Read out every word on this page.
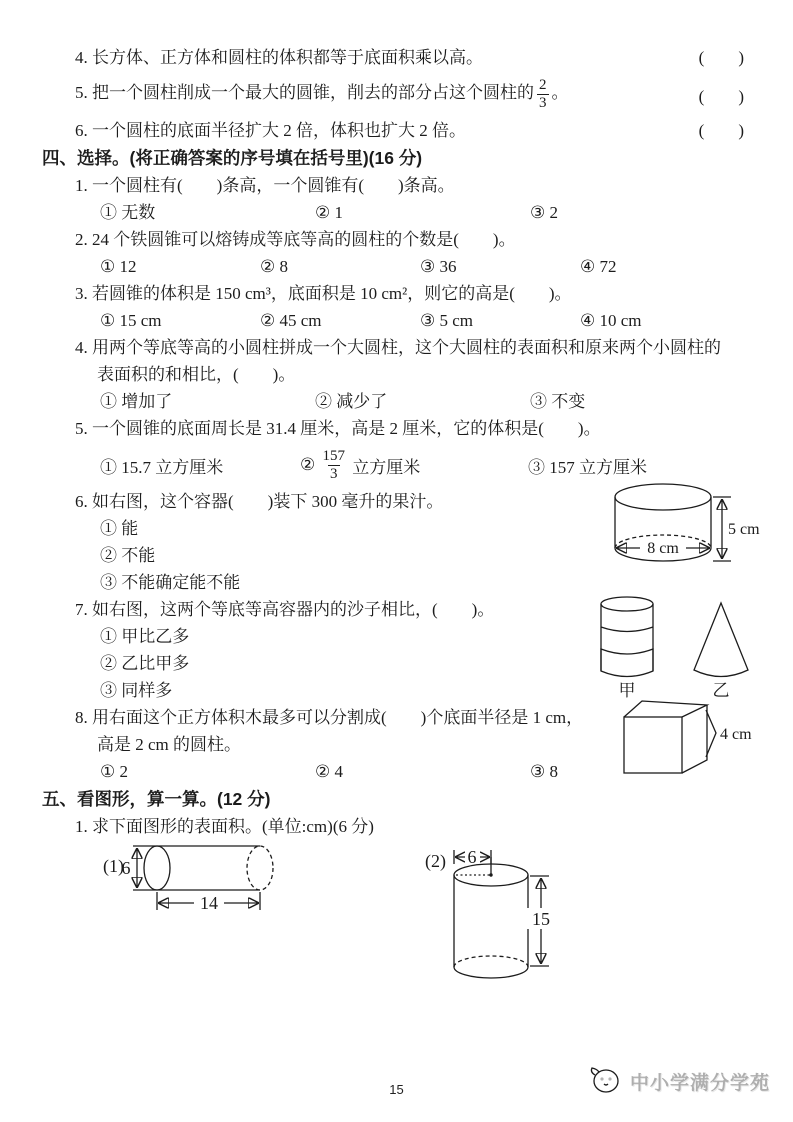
4. 长方体、正方体和圆柱的体积都等于底面积乘以高。	(　　)
5. 把一个圆柱削成一个最大的圆锥，削去的部分占这个圆柱的 $\frac{2}{3}$ 。	(　　)
6. 一个圆柱的底面半径扩大 2 倍，体积也扩大 2 倍。	(　　)
四、选择。(将正确答案的序号填在括号里)(16 分)
1. 一个圆柱有(　　)条高，一个圆锥有(　　)条高。
① 无数	② 1	③ 2
2. 24 个铁圆锥可以熔铸成等底等高的圆柱的个数是(　　)。
① 12	② 8	③ 36	④ 72
3. 若圆锥的体积是 150 cm³，底面积是 10 cm²，则它的高是(　　)。
① 15 cm	② 45 cm	③ 5 cm	④ 10 cm
4. 用两个等底等高的小圆柱拼成一个大圆柱，这个大圆柱的表面积和原来两个小圆柱的
表面积的和相比，(　　)。
① 增加了	② 减少了	③ 不变
5. 一个圆锥的底面周长是 31.4 厘米，高是 2 厘米，它的体积是(　　)。
① 15.7 立方厘米	② $\frac{157}{3}$ 立方厘米	③ 157 立方厘米
6. 如右图，这个容器(　　)装下 300 毫升的果汁。
① 能
② 不能
③ 不能确定能不能
7. 如右图，这两个等底等高容器内的沙子相比，(　　)。
① 甲比乙多
② 乙比甲多
③ 同样多
8. 用右面这个正方体积木最多可以分割成(　　)个底面半径是 1 cm，
高是 2 cm 的圆柱。
① 2	② 4	③ 8
五、看图形，算一算。(12 分)
1. 求下面图形的表面积。(单位:cm)(6 分)
5 cm
8 cm
甲	乙
4 cm
(1)
6
14
(2) 6
15
15	中小学满分学苑
